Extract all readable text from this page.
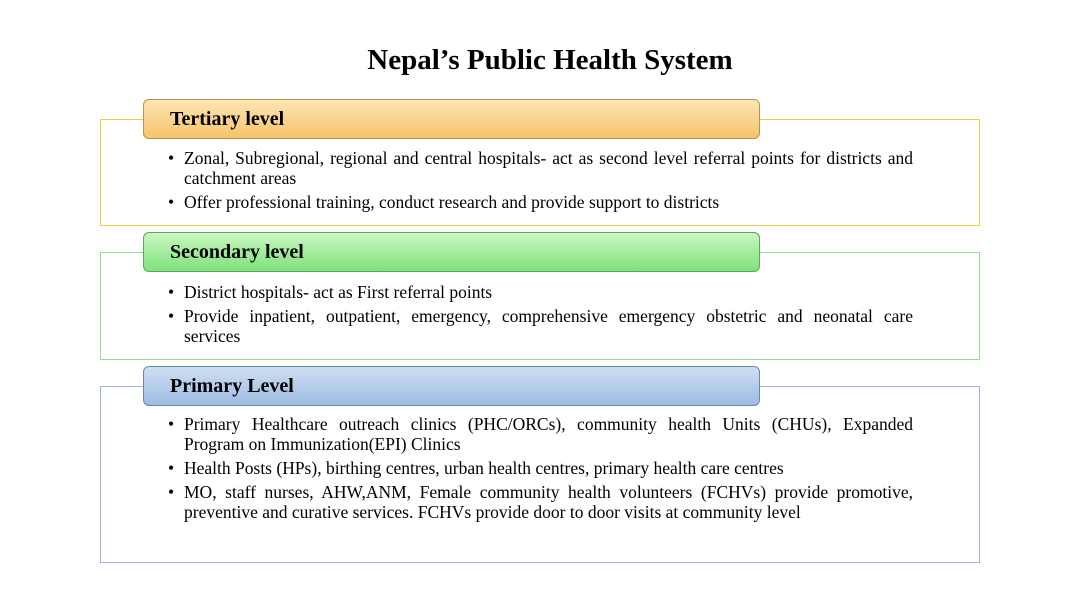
Nepal’s Public Health System
Tertiary level
• Zonal, Subregional, regional and central hospitals- act as second level referral points for districts and catchment areas
• Offer professional training, conduct research and provide support to districts
Secondary level
• District hospitals- act as First referral points
• Provide inpatient, outpatient, emergency, comprehensive emergency obstetric and neonatal care services
Primary Level
• Primary Healthcare outreach clinics (PHC/ORCs), community health Units (CHUs), Expanded Program on Immunization(EPI) Clinics
• Health Posts (HPs), birthing centres, urban health centres, primary health care centres
• MO, staff nurses, AHW,ANM, Female community health volunteers (FCHVs) provide promotive, preventive and curative services. FCHVs provide door to door visits at community level
